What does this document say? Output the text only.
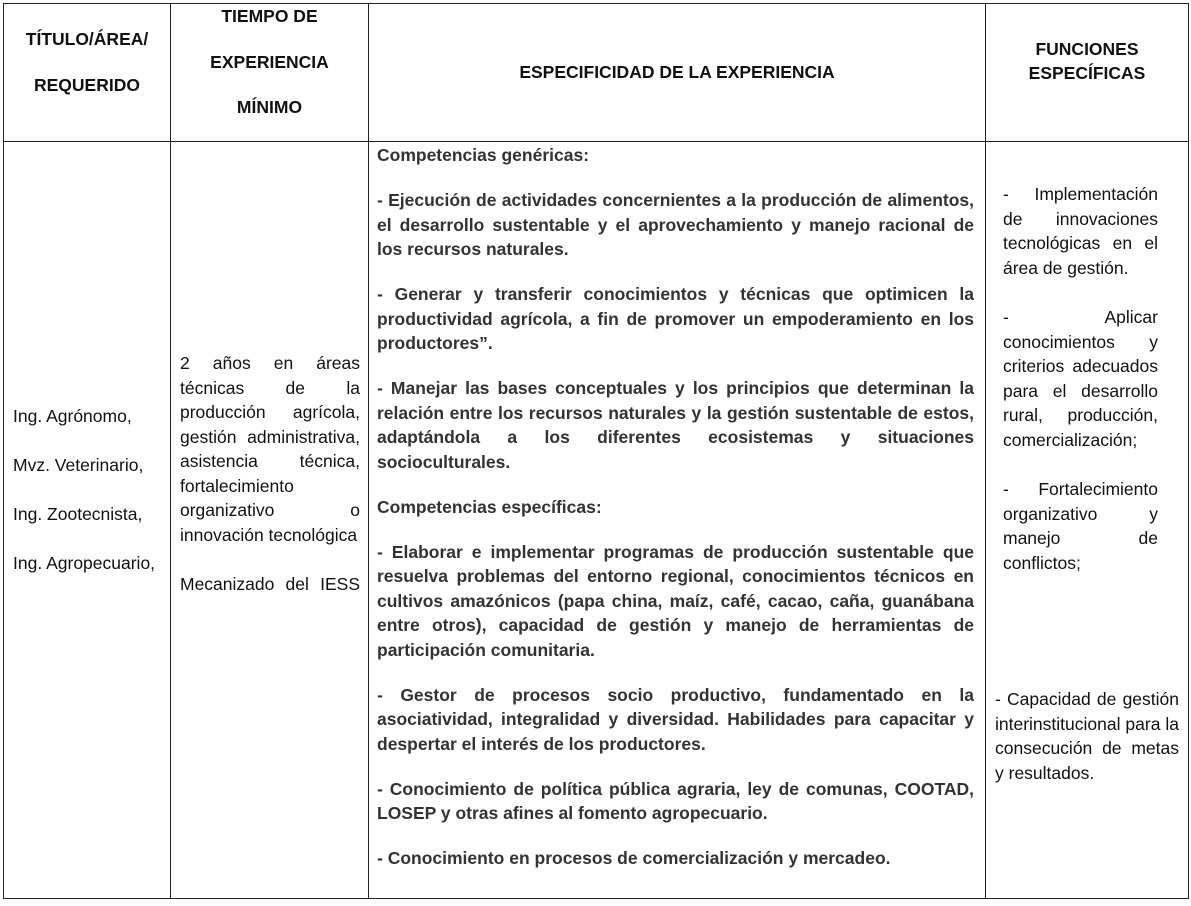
TÍTULO/ÁREA/

REQUERIDO

TIEMPO DE

EXPERIENCIA

MÍNIMO

ESPECIFICIDAD DE LA EXPERIENCIA

FUNCIONES

ESPECÍFICAS

Ing. Agrónomo,

Mvz. Veterinario,

Ing. Zootecnista,

Ing. Agropecuario,

2 años en áreas técnicas de la producción agrícola, gestión administrativa, asistencia técnica, fortalecimiento organizativo o innovación tecnológica

Mecanizado del IESS

Competencias genéricas:

- Ejecución de actividades concernientes a la producción de alimentos, el desarrollo sustentable y el aprovechamiento y manejo racional de los recursos naturales.

- Generar y transferir conocimientos y técnicas que optimicen la productividad agrícola, a fin de promover un empoderamiento en los productores”.

- Manejar las bases conceptuales y los principios que determinan la relación entre los recursos naturales y la gestión sustentable de estos, adaptándola a los diferentes ecosistemas y situaciones socioculturales.

Competencias específicas:

- Elaborar e implementar programas de producción sustentable que resuelva problemas del entorno regional, conocimientos técnicos en cultivos amazónicos (papa china, maíz, café, cacao, caña, guanábana entre otros), capacidad de gestión y manejo de herramientas de participación comunitaria.

- Gestor de procesos socio productivo, fundamentado en la asociatividad, integralidad y diversidad. Habilidades para capacitar y despertar el interés de los productores.

- Conocimiento de política pública agraria, ley de comunas, COOTAD, LOSEP y otras afines al fomento agropecuario.

- Conocimiento en procesos de comercialización y mercadeo.

- Implementación de innovaciones tecnológicas en el área de gestión.

- Aplicar conocimientos y criterios adecuados para el desarrollo rural, producción, comercialización;

- Fortalecimiento organizativo y manejo de conflictos;

- Capacidad de gestión interinstitucional para la consecución de metas y resultados.
